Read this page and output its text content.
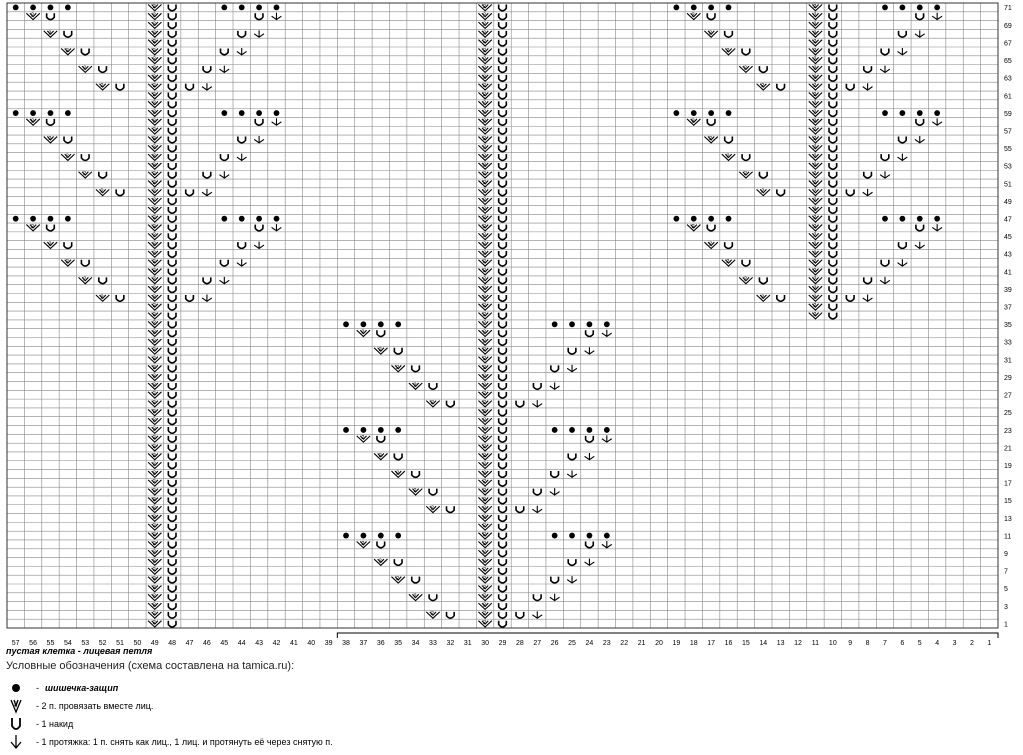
2
2
2
2
2
2
2
2
2
2
2
2
2
2
2
2
2
2
2
2
2
2
2
2
2
2
2
2
2
2
2
2
2
2
2
2
2
2
2
2
2
2
2
2
2
2
2
2
2
2
2
2
2
2
2
2
2
2
2
2
2
2
2
2
2
2
2
2
2
2
2
2
2
2
2
2
2
2
2
2
2
2
2
2
2
2
2
2
2
2
2
2
2
2
2
2
2
2
2
2
2
2
2
2
2
2
2
2
2
2
2
2
2
2
2
2
2
2
2
2
2
2
2
2
2
2
2
2
2
2
2
2
2
2
2
2
2
2
2
2
2
2
2
2
2
2
2
2
2
2
2
2
2
2
2
2
2
2
2
2
2
2
2
2
2
2
2
2
2
2
2
2
2
2
2
2
2
2
2
2
2
2
2
2
2
2
2
2
2
2
2
2
2
2
2
2
2
2
2
2
2
2
2
2
2
2
2
2
2
2
2
2
2
2
2
2
2
2
2
2
2
2
2
71
69
67
65
63
61
59
57
55
53
51
49
47
45
43
41
39
37
35
33
31
29
27
25
23
21
19
17
15
13
11
9
7
5
3
1
57 56 55 54 53 52 51 50 49 48 47 46 45 44 43 42 41 40 39 38 37 36 35 34 33 32 31 30 29 28 27 26 25 24 23 22 21 20 19 18 17 16 15 14 13 12 11 10 9 8 7 6 5 4 3 2 1
пустая клетка - лицевая петля
Условные обозначения (схема составлена на tamica.ru):
- шишечка-защип
2 - 2 п. провязать вместе лиц.
- 1 накид
- 1 протяжка: 1 п. снять как лиц., 1 лиц. и протянуть её через снятую п.
